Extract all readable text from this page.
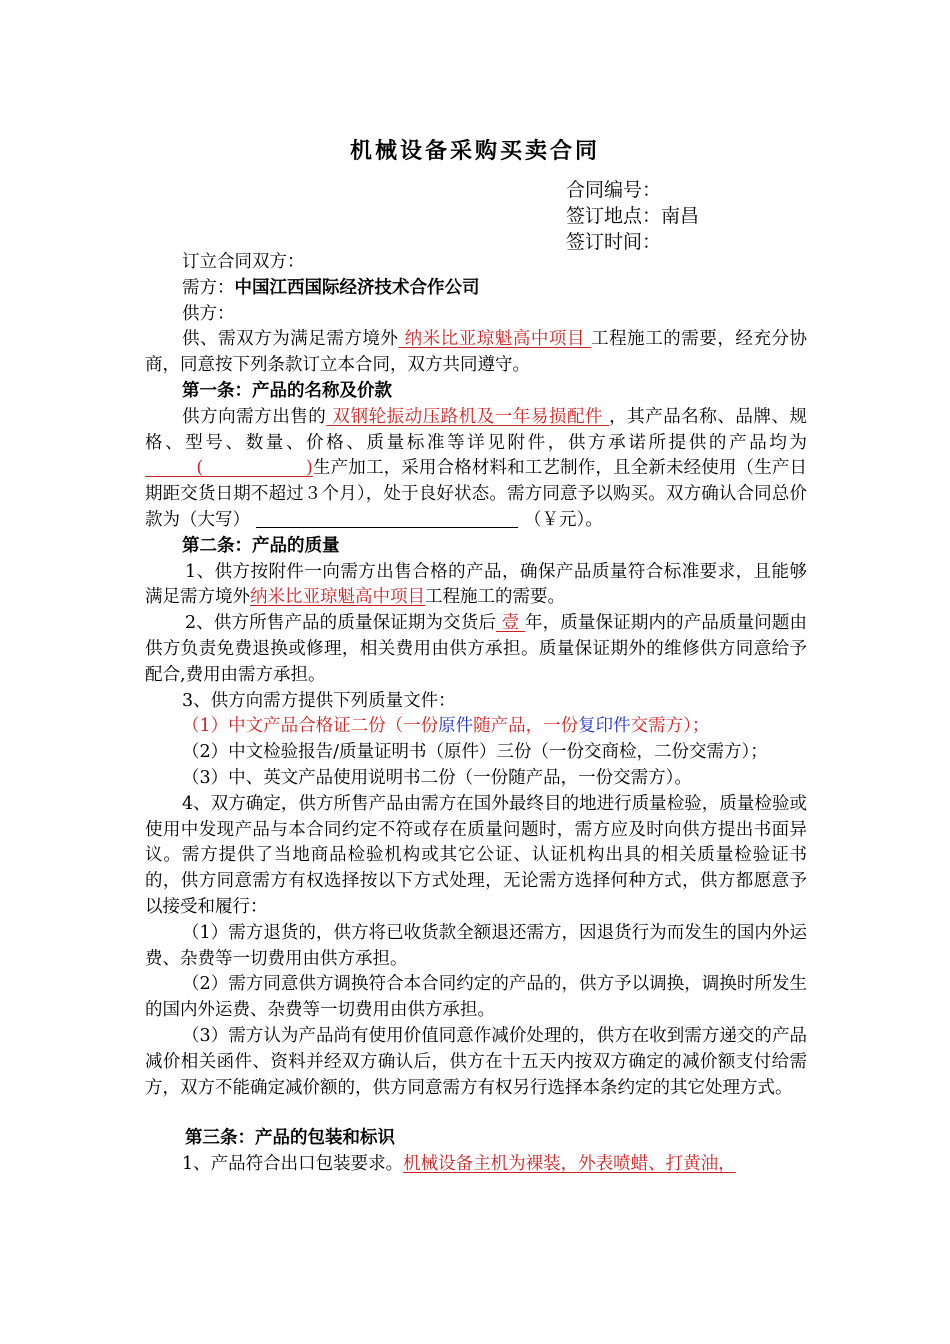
机械设备采购买卖合同
合同编号：
签订地点：南昌
签订时间：

订立合同双方：

需方：中国江西国际经济技术合作公司

供方：

供、需双方为满足需方境外 纳米比亚琼魁高中项目 工程施工的需要，经充分协商，同意按下列条款订立本合同，双方共同遵守。

第一条：产品的名称及价款

供方向需方出售的 双钢轮振动压路机及一年易损配件 ，其产品名称、品牌、规格、型号、数量、价格、质量标准等详见附件，供方承诺所提供的产品均为         (                  )生产加工，采用合格材料和工艺制作，且全新未经使用（生产日期距交货日期不超过３个月），处于良好状态。需方同意予以购买。双方确认合同总价款为（大写）	（￥元）。

第二条：产品的质量

1、供方按附件一向需方出售合格的产品，确保产品质量符合标准要求，且能够满足需方境外纳米比亚琼魁高中项目工程施工的需要。

2、供方所售产品的质量保证期为交货后 壹 年，质量保证期内的产品质量问题由供方负责免费退换或修理，相关费用由供方承担。质量保证期外的维修供方同意给予配合,费用由需方承担。

3、供方向需方提供下列质量文件：

（1）中文产品合格证二份（一份原件随产品，一份复印件交需方）；

（2）中文检验报告/质量证明书（原件）三份（一份交商检，二份交需方）；

（3）中、英文产品使用说明书二份（一份随产品，一份交需方）。

4、双方确定，供方所售产品由需方在国外最终目的地进行质量检验，质量检验或使用中发现产品与本合同约定不符或存在质量问题时，需方应及时向供方提出书面异议。需方提供了当地商品检验机构或其它公证、认证机构出具的相关质量检验证书的，供方同意需方有权选择按以下方式处理，无论需方选择何种方式，供方都愿意予以接受和履行：

（1）需方退货的，供方将已收货款全额退还需方，因退货行为而发生的国内外运费、杂费等一切费用由供方承担。

（2）需方同意供方调换符合本合同约定的产品的，供方予以调换，调换时所发生的国内外运费、杂费等一切费用由供方承担。

（3）需方认为产品尚有使用价值同意作减价处理的，供方在收到需方递交的产品减价相关函件、资料并经双方确认后，供方在十五天内按双方确定的减价额支付给需方，双方不能确定减价额的，供方同意需方有权另行选择本条约定的其它处理方式。

第三条：产品的包装和标识

1、产品符合出口包装要求。机械设备主机为裸装，外表喷蜡、打黄油，
